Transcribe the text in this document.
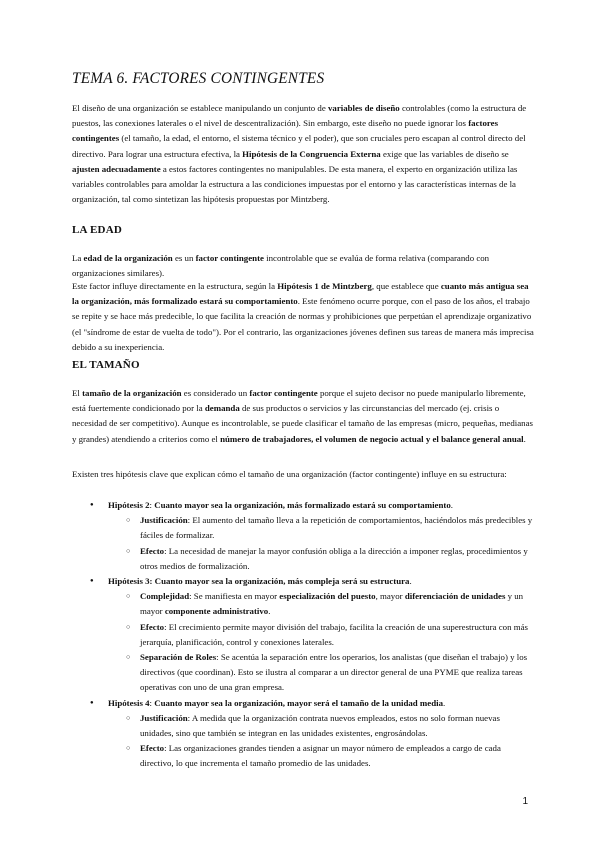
TEMA 6. FACTORES CONTINGENTES

El diseño de una organización se establece manipulando un conjunto de variables de diseño controlables (como la estructura de puestos, las conexiones laterales o el nivel de descentralización). Sin embargo, este diseño no puede ignorar los factores contingentes (el tamaño, la edad, el entorno, el sistema técnico y el poder), que son cruciales pero escapan al control directo del directivo. Para lograr una estructura efectiva, la Hipótesis de la Congruencia Externa exige que las variables de diseño se ajusten adecuadamente a estos factores contingentes no manipulables. De esta manera, el experto en organización utiliza las variables controlables para amoldar la estructura a las condiciones impuestas por el entorno y las características internas de la organización, tal como sintetizan las hipótesis propuestas por Mintzberg.

LA EDAD

La edad de la organización es un factor contingente incontrolable que se evalúa de forma relativa (comparando con organizaciones similares).

Este factor influye directamente en la estructura, según la Hipótesis 1 de Mintzberg, que establece que cuanto más antigua sea la organización, más formalizado estará su comportamiento. Este fenómeno ocurre porque, con el paso de los años, el trabajo se repite y se hace más predecible, lo que facilita la creación de normas y prohibiciones que perpetúan el aprendizaje organizativo (el "síndrome de estar de vuelta de todo"). Por el contrario, las organizaciones jóvenes definen sus tareas de manera más imprecisa debido a su inexperiencia.

EL TAMAÑO

El tamaño de la organización es considerado un factor contingente porque el sujeto decisor no puede manipularlo libremente, está fuertemente condicionado por la demanda de sus productos o servicios y las circunstancias del mercado (ej. crisis o necesidad de ser competitivo). Aunque es incontrolable, se puede clasificar el tamaño de las empresas (micro, pequeñas, medianas y grandes) atendiendo a criterios como el número de trabajadores, el volumen de negocio actual y el balance general anual.

Existen tres hipótesis clave que explican cómo el tamaño de una organización (factor contingente) influye en su estructura:

● Hipótesis 2: Cuanto mayor sea la organización, más formalizado estará su comportamiento.
○ Justificación: El aumento del tamaño lleva a la repetición de comportamientos, haciéndolos más predecibles y fáciles de formalizar.
○ Efecto: La necesidad de manejar la mayor confusión obliga a la dirección a imponer reglas, procedimientos y otros medios de formalización.
● Hipótesis 3: Cuanto mayor sea la organización, más compleja será su estructura.
○ Complejidad: Se manifiesta en mayor especialización del puesto, mayor diferenciación de unidades y un mayor componente administrativo.
○ Efecto: El crecimiento permite mayor división del trabajo, facilita la creación de una superestructura con más jerarquía, planificación, control y conexiones laterales.
○ Separación de Roles: Se acentúa la separación entre los operarios, los analistas (que diseñan el trabajo) y los directivos (que coordinan). Esto se ilustra al comparar a un director general de una PYME que realiza tareas operativas con uno de una gran empresa.
● Hipótesis 4: Cuanto mayor sea la organización, mayor será el tamaño de la unidad media.
○ Justificación: A medida que la organización contrata nuevos empleados, estos no solo forman nuevas unidades, sino que también se integran en las unidades existentes, engrosándolas.
○ Efecto: Las organizaciones grandes tienden a asignar un mayor número de empleados a cargo de cada directivo, lo que incrementa el tamaño promedio de las unidades.
1
